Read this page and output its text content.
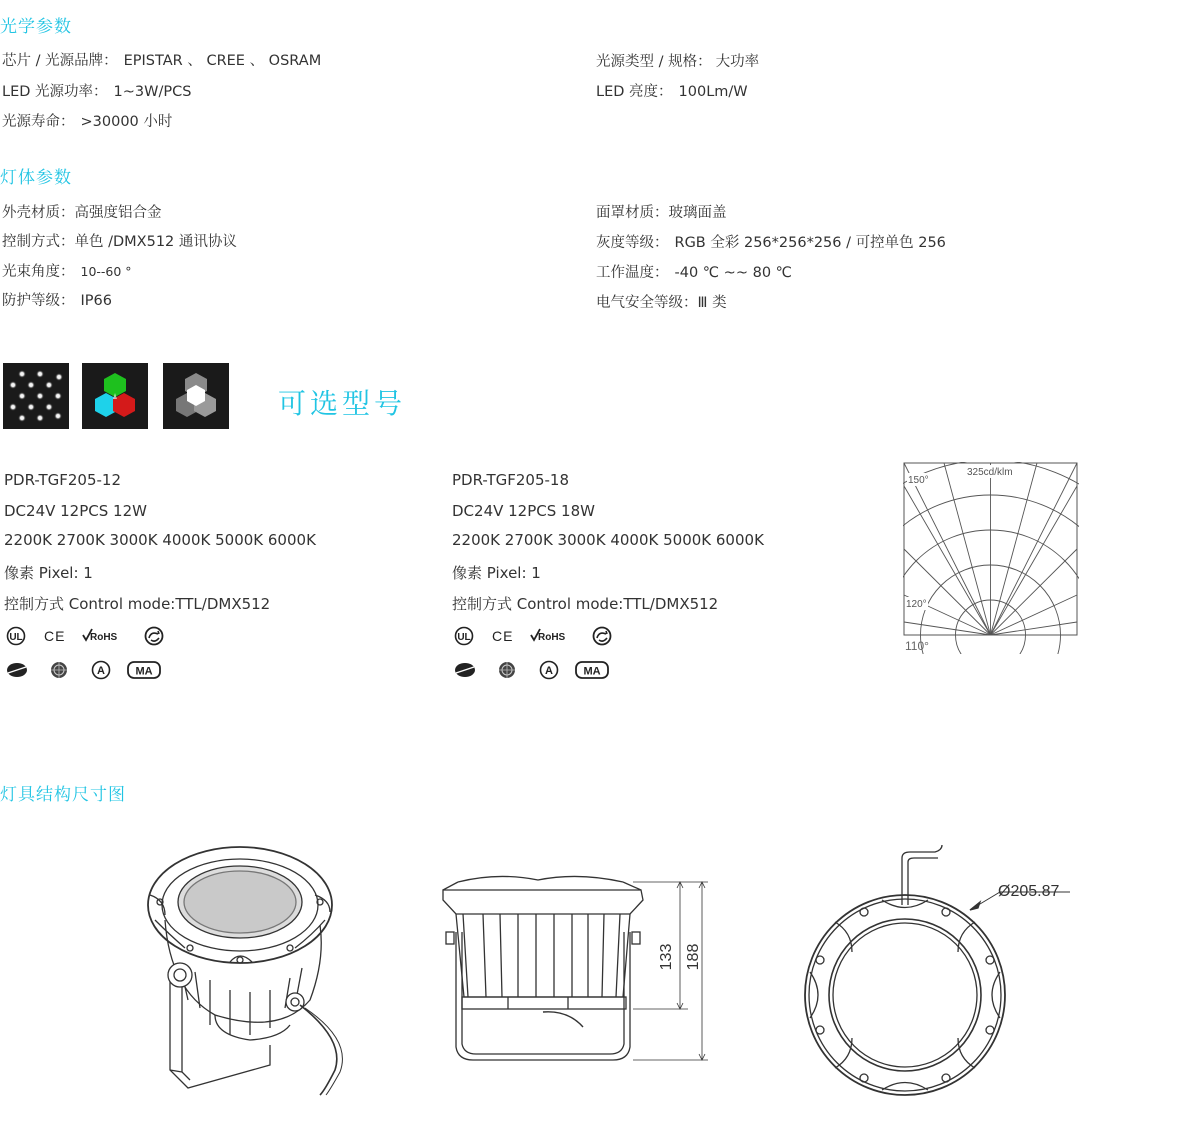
光学参数
芯片 / 光源品牌： EPISTAR 、 CREE 、 OSRAM
LED 光源功率： 1~3W/PCS
光源寿命： >30000 小时
光源类型 / 规格： 大功率
LED 亮度： 100Lm/W
灯体参数
外壳材质：高强度铝合金
控制方式：单色 /DMX512 通讯协议
光束角度： 10--60 °
防护等级： IP66
面罩材质：玻璃面盖
灰度等级： RGB 全彩 256*256*256 / 可控单色 256
工作温度： -40 ℃ ~~ 80 ℃
电气安全等级：Ⅲ 类
可选型号
PDR-TGF205-12
DC24V 12PCS 12W
2200K 2700K 3000K 4000K 5000K 6000K
像素 Pixel: 1
控制方式 Control mode:TTL/DMX512
UL CE RoHS
A	MA
PDR-TGF205-18
DC24V 12PCS 18W
2200K 2700K 3000K 4000K 5000K 6000K
像素 Pixel: 1
控制方式 Control mode:TTL/DMX512
UL CE RoHS
A	MA
150°
325cd/klm
120°
110°
灯具结构尺寸图
133 188
Ø205.87
